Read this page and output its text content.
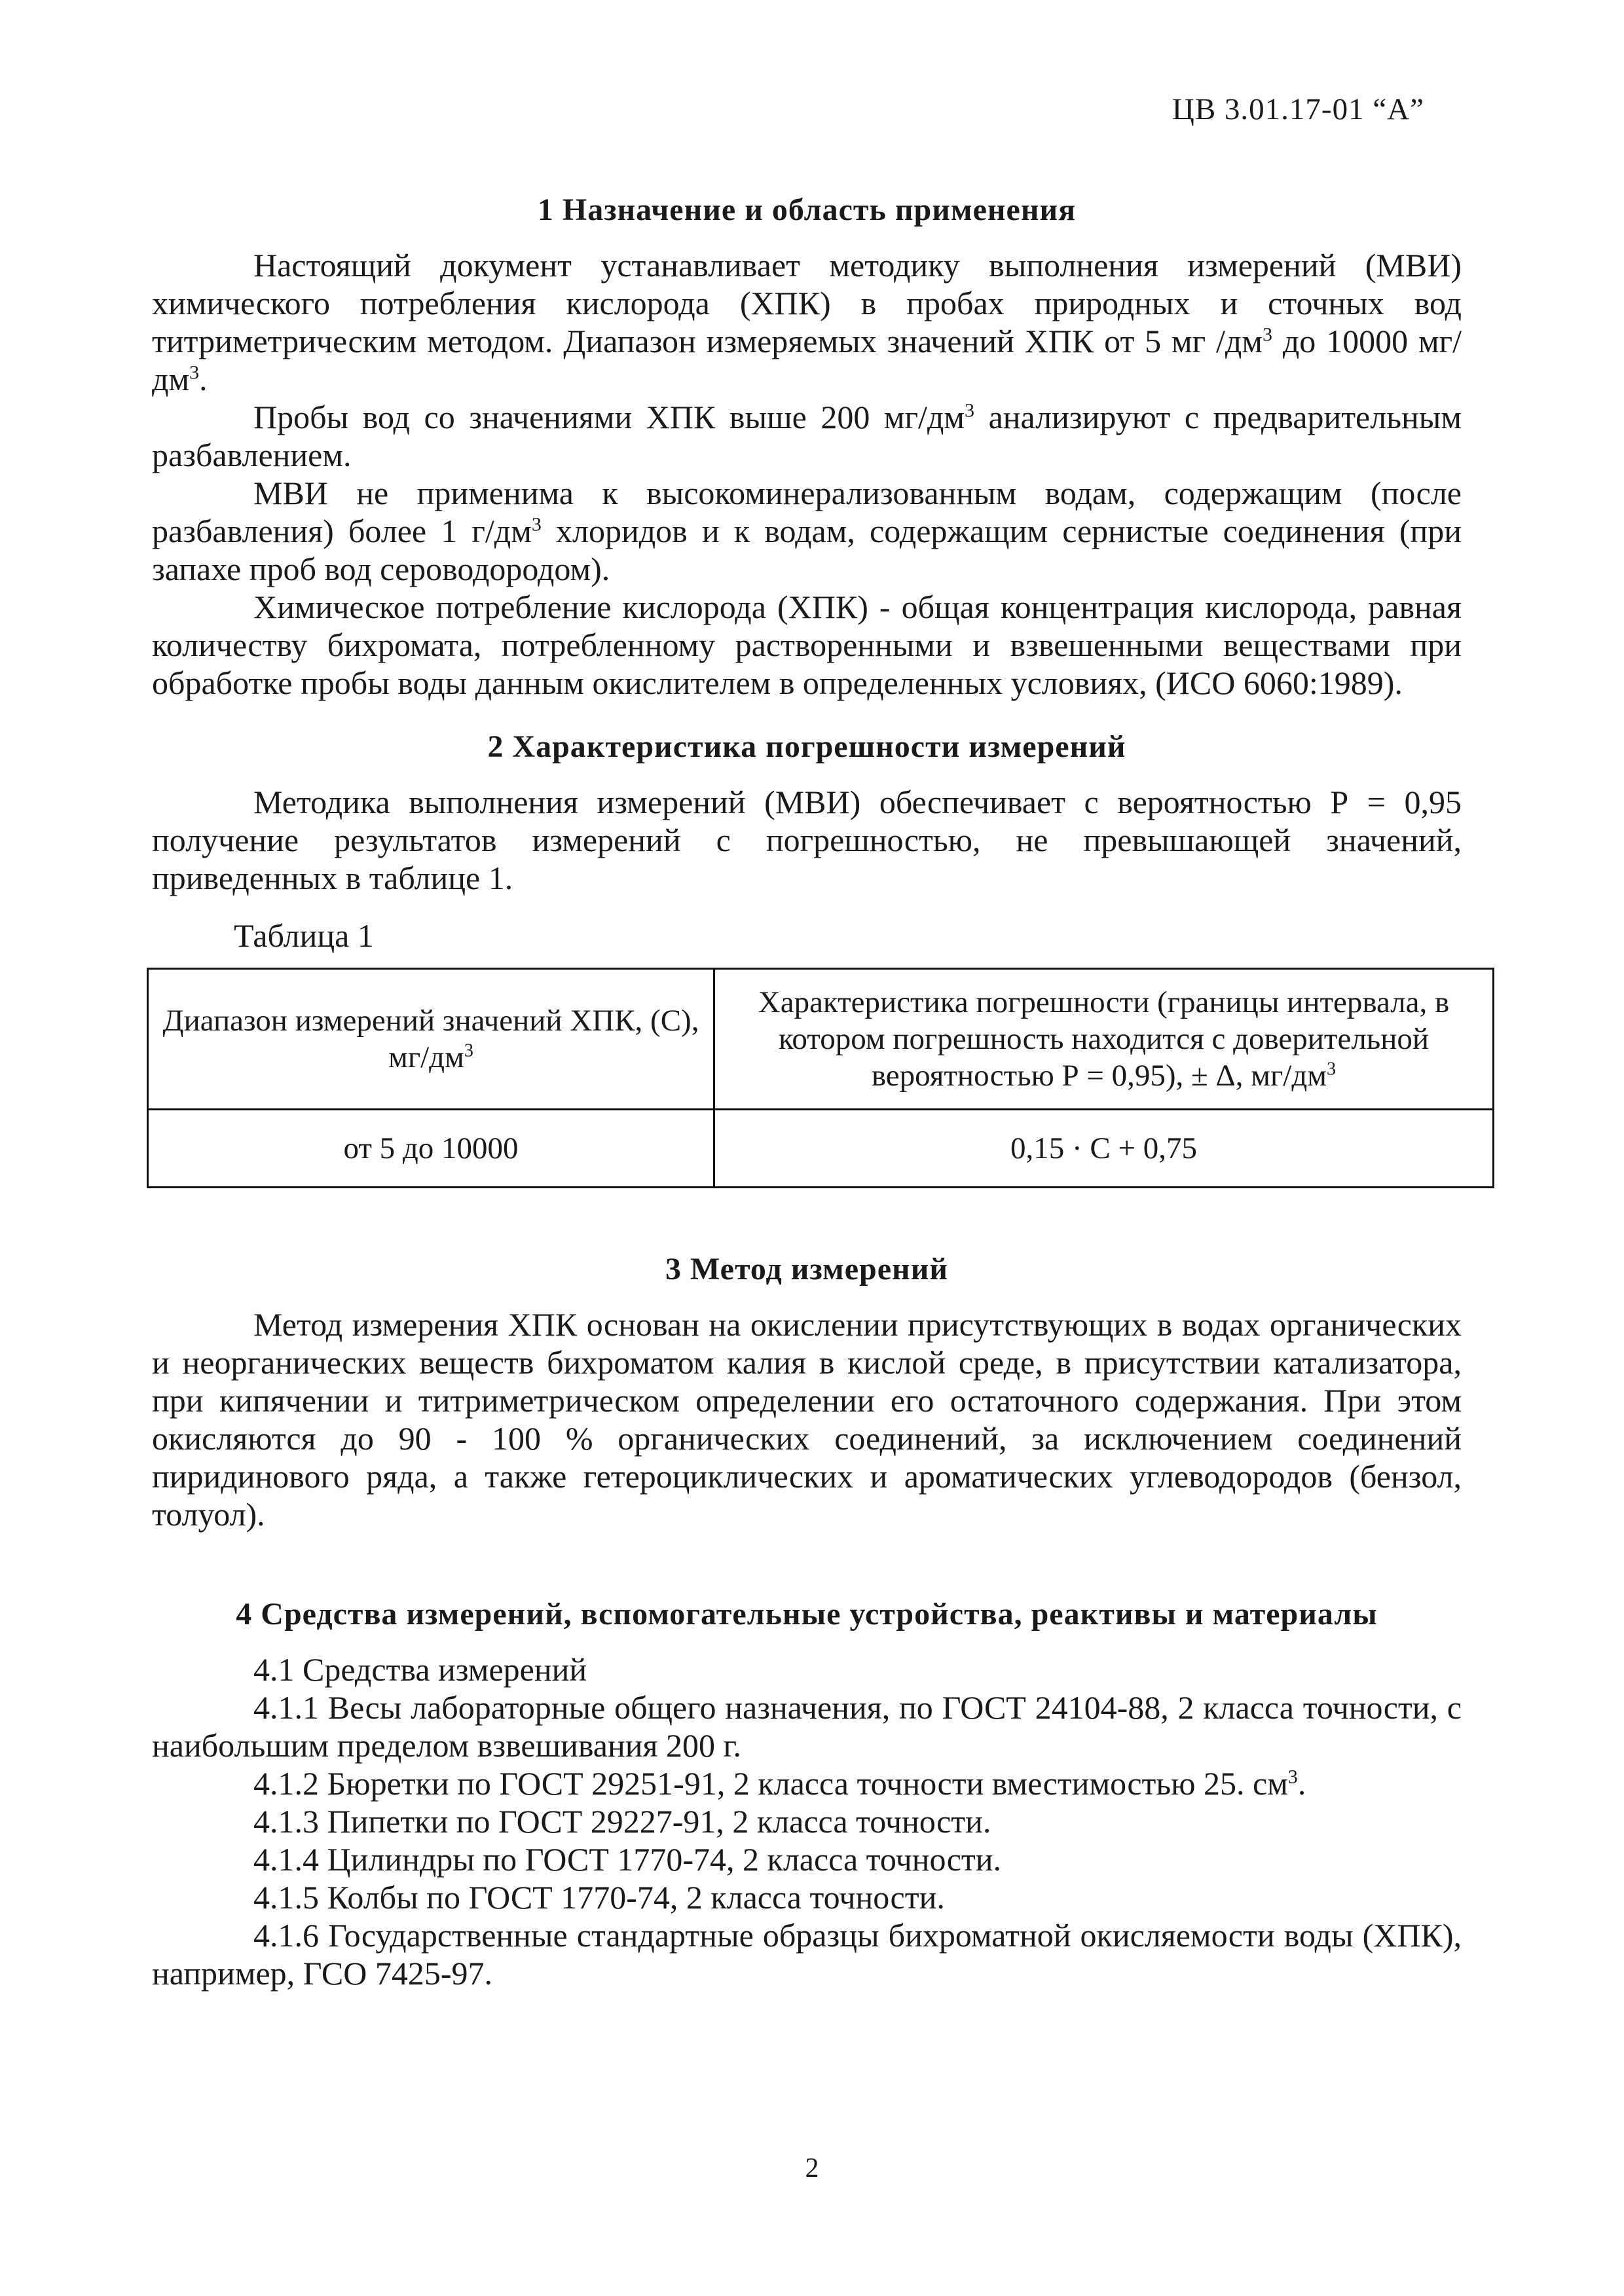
ЦВ 3.01.17-01 “А”
1 Назначение и область применения

Настоящий документ устанавливает методику выполнения измерений (МВИ) химического потребления кислорода (ХПК) в пробах природных и сточных вод титриметрическим методом. Диапазон измеряемых значений ХПК от 5 мг $/дм^3$ до 10000 $мг/дм^3$.

Пробы вод со значениями ХПК выше 200 $мг/дм^3$ анализируют с предварительным разбавлением.

МВИ не применима к высокоминерализованным водам, содержащим (после разбавления) более 1 $г/дм^3$ хлоридов и к водам, содержащим сернистые соединения (при запахе проб вод сероводородом).

Химическое потребление кислорода (ХПК) - общая концентрация кислорода, равная количеству бихромата, потребленному растворенными и взвешенными веществами при обработке пробы воды данным окислителем в определенных условиях, (ИСО 6060:1989).

2 Характеристика погрешности измерений

Методика выполнения измерений (МВИ) обеспечивает с вероятностью Р = 0,95 получение результатов измерений с погрешностью, не превышающей значений, приведенных в таблице 1.

Таблица 1
Диапазон измерений значений ХПК, (С), $мг/дм^3$	Характеристика погрешности (границы интервала, в котором погрешность находится с доверительной вероятностью Р = 0,95), ± Δ, $мг/дм^3$
от 5 до 10000	0,15 · С + 0,75
3 Метод измерений

Метод измерения ХПК основан на окислении присутствующих в водах органических и неорганических веществ бихроматом калия в кислой среде, в присутствии катализатора, при кипячении и титриметрическом определении его остаточного содержания. При этом окисляются до 90 - 100 % органических соединений, за исключением соединений пиридинового ряда, а также гетероциклических и ароматических углеводородов (бензол, толуол).

4 Средства измерений, вспомогательные устройства, реактивы и материалы

4.1 Средства измерений

4.1.1 Весы лабораторные общего назначения, по ГОСТ 24104-88, 2 класса точности, с наибольшим пределом взвешивания 200 г.

4.1.2 Бюретки по ГОСТ 29251-91, 2 класса точности вместимостью 25. $см^3$.

4.1.3 Пипетки по ГОСТ 29227-91, 2 класса точности.

4.1.4 Цилиндры по ГОСТ 1770-74, 2 класса точности.

4.1.5 Колбы по ГОСТ 1770-74, 2 класса точности.

4.1.6 Государственные стандартные образцы бихроматной окисляемости воды (ХПК), например, ГСО 7425-97.

2
